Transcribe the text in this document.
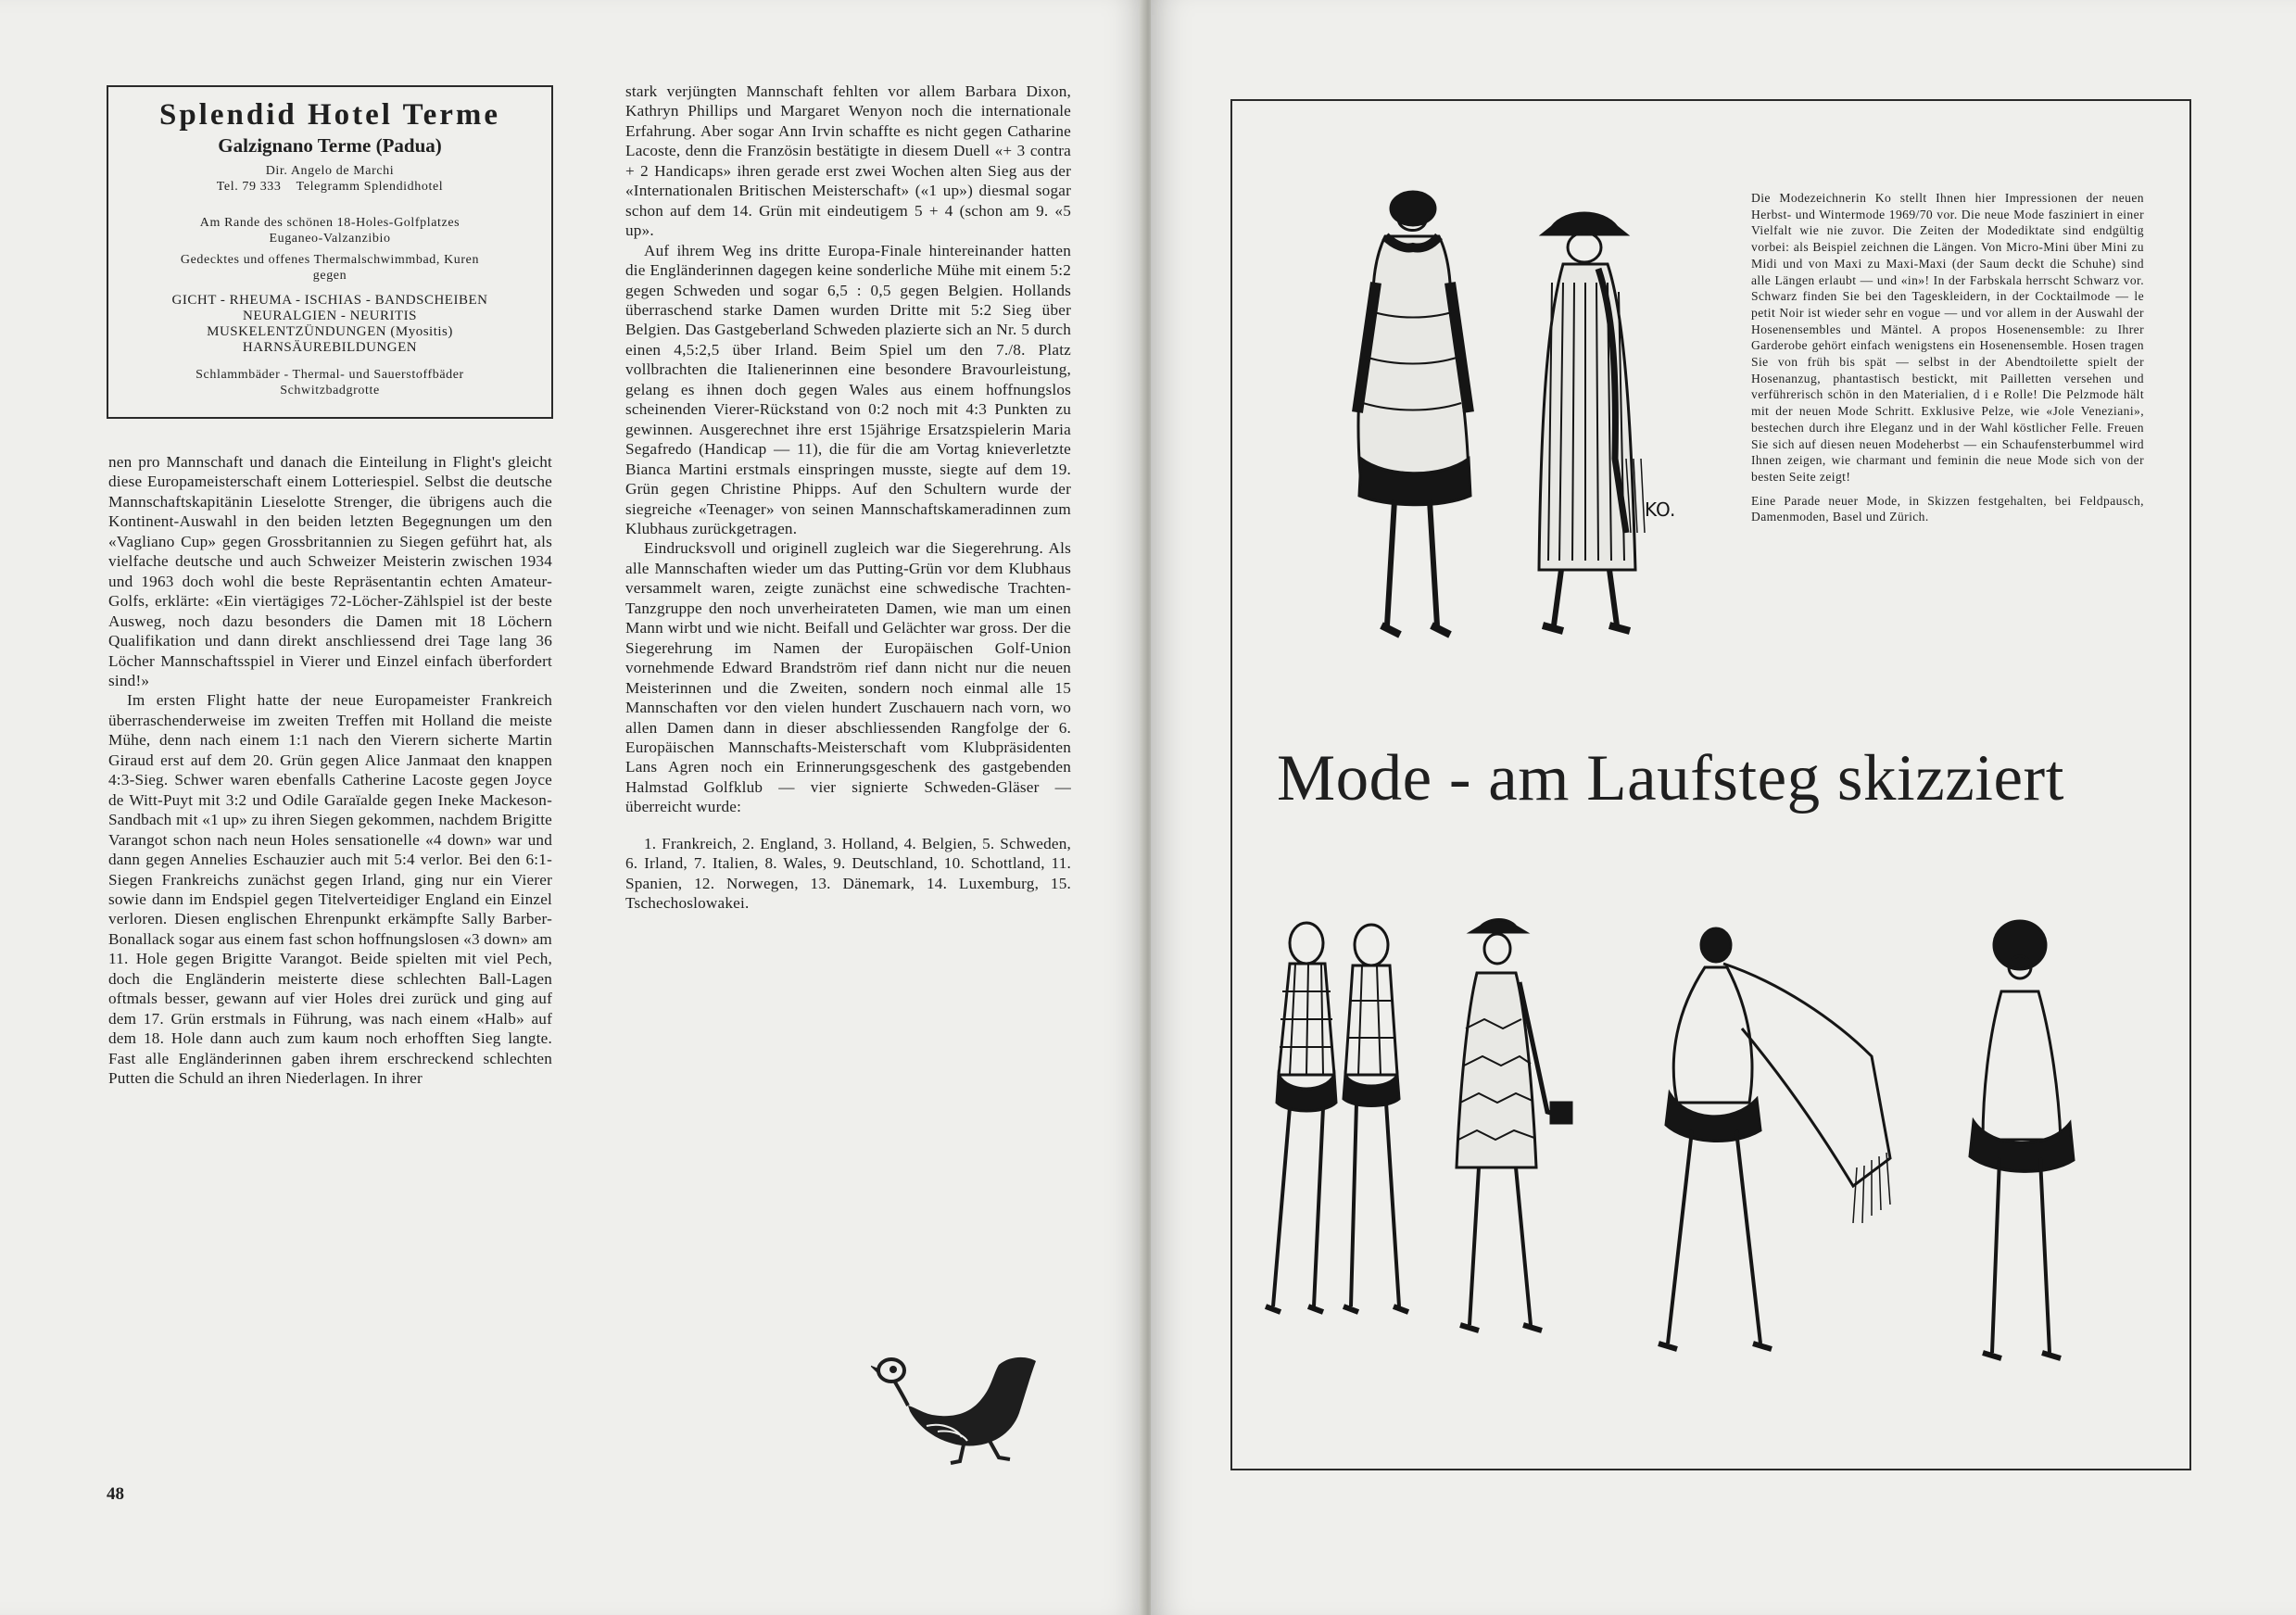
Splendid Hotel Terme
Galzignano Terme (Padua)
Dir. Angelo de Marchi
Tel. 79 333    Telegramm Splendidhotel
Am Rande des schönen 18-Holes-Golfplatzes
Euganeo-Valzanzibio
Gedecktes und offenes Thermalschwimmbad, Kuren
gegen
GICHT - RHEUMA - ISCHIAS - BANDSCHEIBEN
NEURALGIEN - NEURITIS
MUSKELENTZÜNDUNGEN (Myositis)
HARNSÄUREBILDUNGEN
Schlammbäder - Thermal- und Sauerstoffbäder
Schwitzbadgrotte

nen pro Mannschaft und danach die Einteilung in Flight's gleicht diese Europameisterschaft einem Lotteriespiel. Selbst die deutsche Mannschaftskapitänin Lieselotte Strenger, die übrigens auch die Kontinent-Auswahl in den beiden letzten Begegnungen um den «Vagliano Cup» gegen Grossbritannien zu Siegen geführt hat, als vielfache deutsche und auch Schweizer Meisterin zwischen 1934 und 1963 doch wohl die beste Repräsentantin echten Amateur-Golfs, erklärte: «Ein viertägiges 72-Löcher-Zählspiel ist der beste Ausweg, noch dazu besonders die Damen mit 18 Löchern Qualifikation und dann direkt anschliessend drei Tage lang 36 Löcher Mannschaftsspiel in Vierer und Einzel einfach überfordert sind!»

Im ersten Flight hatte der neue Europameister Frankreich überraschenderweise im zweiten Treffen mit Holland die meiste Mühe, denn nach einem 1:1 nach den Vierern sicherte Martin Giraud erst auf dem 20. Grün gegen Alice Janmaat den knappen 4:3-Sieg. Schwer waren ebenfalls Catherine Lacoste gegen Joyce de Witt-Puyt mit 3:2 und Odile Garaïalde gegen Ineke Mackeson-Sandbach mit «1 up» zu ihren Siegen gekommen, nachdem Brigitte Varangot schon nach neun Holes sensationelle «4 down» war und dann gegen Annelies Eschauzier auch mit 5:4 verlor. Bei den 6:1-Siegen Frankreichs zunächst gegen Irland, ging nur ein Vierer sowie dann im Endspiel gegen Titelverteidiger England ein Einzel verloren. Diesen englischen Ehrenpunkt erkämpfte Sally Barber-Bonallack sogar aus einem fast schon hoffnungslosen «3 down» am 11. Hole gegen Brigitte Varangot. Beide spielten mit viel Pech, doch die Engländerin meisterte diese schlechten Ball-Lagen oftmals besser, gewann auf vier Holes drei zurück und ging auf dem 17. Grün erstmals in Führung, was nach einem «Halb» auf dem 18. Hole dann auch zum kaum noch erhofften Sieg langte. Fast alle Engländerinnen gaben ihrem erschreckend schlechten Putten die Schuld an ihren Niederlagen. In ihrer

stark verjüngten Mannschaft fehlten vor allem Barbara Dixon, Kathryn Phillips und Margaret Wenyon noch die internationale Erfahrung. Aber sogar Ann Irvin schaffte es nicht gegen Catharine Lacoste, denn die Französin bestätigte in diesem Duell «+ 3 contra + 2 Handicaps» ihren gerade erst zwei Wochen alten Sieg aus der «Internationalen Britischen Meisterschaft» («1 up») diesmal sogar schon auf dem 14. Grün mit eindeutigem 5 + 4 (schon am 9. «5 up».

Auf ihrem Weg ins dritte Europa-Finale hintereinander hatten die Engländerinnen dagegen keine sonderliche Mühe mit einem 5:2 gegen Schweden und sogar 6,5 : 0,5 gegen Belgien. Hollands überraschend starke Damen wurden Dritte mit 5:2 Sieg über Belgien. Das Gastgeberland Schweden plazierte sich an Nr. 5 durch einen 4,5:2,5 über Irland. Beim Spiel um den 7./8. Platz vollbrachten die Italienerinnen eine besondere Bravourleistung, gelang es ihnen doch gegen Wales aus einem hoffnungslos scheinenden Vierer-Rückstand von 0:2 noch mit 4:3 Punkten zu gewinnen. Ausgerechnet ihre erst 15jährige Ersatzspielerin Maria Segafredo (Handicap — 11), die für die am Vortag knieverletzte Bianca Martini erstmals einspringen musste, siegte auf dem 19. Grün gegen Christine Phipps. Auf den Schultern wurde der siegreiche «Teenager» von seinen Mannschaftskameradinnen zum Klubhaus zurückgetragen.

Eindrucksvoll und originell zugleich war die Siegerehrung. Als alle Mannschaften wieder um das Putting-Grün vor dem Klubhaus versammelt waren, zeigte zunächst eine schwedische Trachten-Tanzgruppe den noch unverheirateten Damen, wie man um einen Mann wirbt und wie nicht. Beifall und Gelächter war gross. Der die Siegerehrung im Namen der Europäischen Golf-Union vornehmende Edward Brandström rief dann nicht nur die neuen Meisterinnen und die Zweiten, sondern noch einmal alle 15 Mannschaften vor den vielen hundert Zuschauern nach vorn, wo allen Damen dann in dieser abschliessenden Rangfolge der 6. Europäischen Mannschafts-Meisterschaft vom Klubpräsidenten Lans Agren noch ein Erinnerungsgeschenk des gastgebenden Halmstad Golfklub — vier signierte Schweden-Gläser — überreicht wurde:

1. Frankreich, 2. England, 3. Holland, 4. Belgien, 5. Schweden, 6. Irland, 7. Italien, 8. Wales, 9. Deutschland, 10. Schottland, 11. Spanien, 12. Norwegen, 13. Dänemark, 14. Luxemburg, 15. Tschechoslowakei.

48
KO.

Die Modezeichnerin Ko stellt Ihnen hier Impressionen der neuen Herbst- und Wintermode 1969/70 vor. Die neue Mode fasziniert in einer Vielfalt wie nie zuvor. Die Zeiten der Modediktate sind endgültig vorbei: als Beispiel zeichnen die Längen. Von Micro-Mini über Mini zu Midi und von Maxi zu Maxi-Maxi (der Saum deckt die Schuhe) sind alle Längen erlaubt — und «in»! In der Farbskala herrscht Schwarz vor. Schwarz finden Sie bei den Tageskleidern, in der Cocktailmode — le petit Noir ist wieder sehr en vogue — und vor allem in der Auswahl der Hosenensembles und Mäntel. A propos Hosenensemble: zu Ihrer Garderobe gehört einfach wenigstens ein Hosenensemble. Hosen tragen Sie von früh bis spät — selbst in der Abendtoilette spielt der Hosenanzug, phantastisch bestickt, mit Pailletten versehen und verführerisch schön in den Materialien, d i e Rolle! Die Pelzmode hält mit der neuen Mode Schritt. Exklusive Pelze, wie «Jole Veneziani», bestechen durch ihre Eleganz und in der Wahl köstlicher Felle. Freuen Sie sich auf diesen neuen Modeherbst — ein Schaufensterbummel wird Ihnen zeigen, wie charmant und feminin die neue Mode sich von der besten Seite zeigt!

Eine Parade neuer Mode, in Skizzen festgehalten, bei Feldpausch, Damenmoden, Basel und Zürich.

Mode - am Laufsteg skizziert
